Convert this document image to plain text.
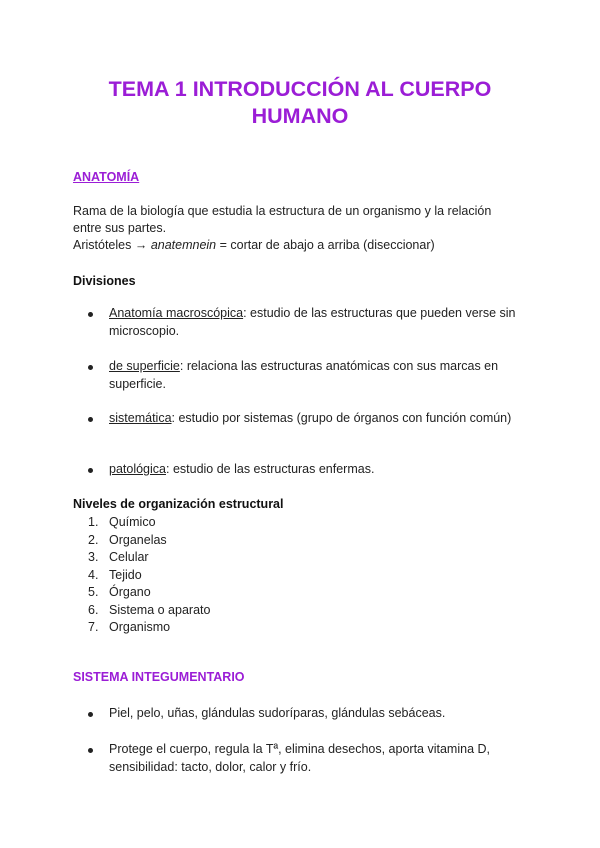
TEMA 1 INTRODUCCIÓN AL CUERPO
HUMANO
ANATOMÍA
Rama de la biología que estudia la estructura de un organismo y la relación
entre sus partes.
Aristóteles → anatemnein = cortar de abajo a arriba (diseccionar)
Divisiones
Anatomía macroscópica: estudio de las estructuras que pueden verse sin microscopio.
de superficie: relaciona las estructuras anatómicas con sus marcas en superficie.
sistemática: estudio por sistemas (grupo de órganos con función común)
patológica: estudio de las estructuras enfermas.
Niveles de organización estructural
1. Químico
2. Organelas
3. Celular
4. Tejido
5. Órgano
6. Sistema o aparato
7. Organismo
SISTEMA INTEGUMENTARIO
Piel, pelo, uñas, glándulas sudoríparas, glándulas sebáceas.
Protege el cuerpo, regula la Tª, elimina desechos, aporta vitamina D, sensibilidad: tacto, dolor, calor y frío.
